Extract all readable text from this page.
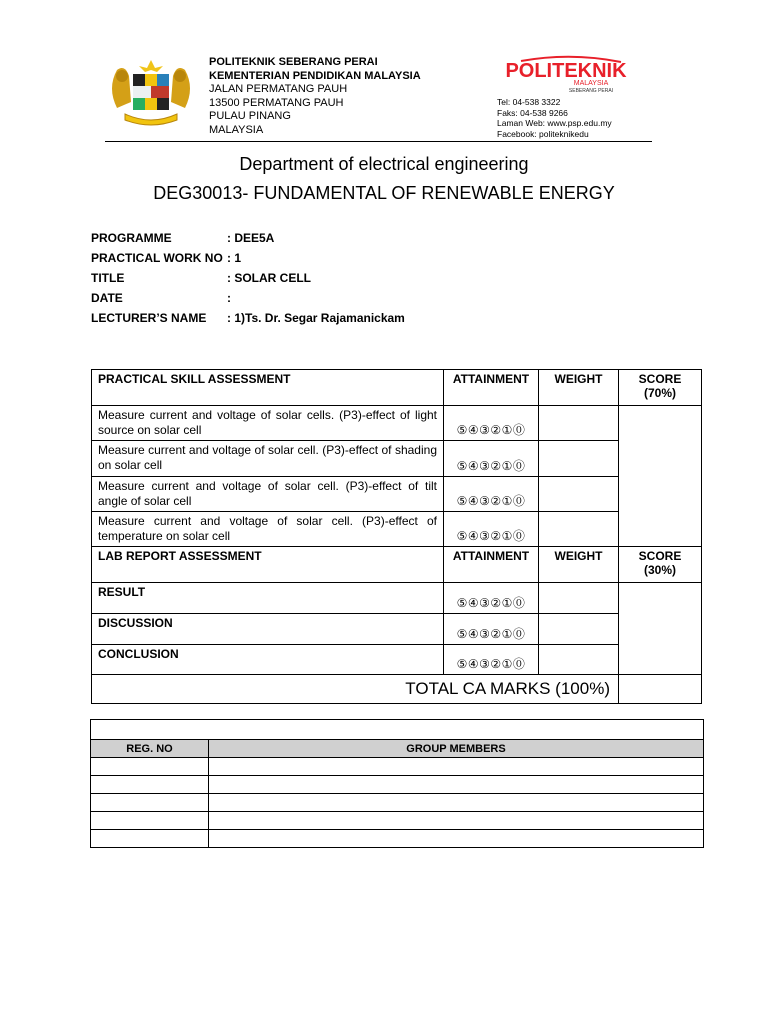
POLITEKNIK SEBERANG PERAI
KEMENTERIAN PENDIDIKAN MALAYSIA
JALAN PERMATANG PAUH
13500 PERMATANG PAUH
PULAU PINANG
MALAYSIA
POLITEKNIK
MALAYSIA
SEBERANG PERAI
Tel: 04-538 3322
Faks: 04-538 9266
Laman Web: www.psp.edu.my
Facebook: politeknikedu
Department of electrical engineering
DEG30013- FUNDAMENTAL OF RENEWABLE ENERGY
PROGRAMME	: DEE5A
PRACTICAL WORK NO : 1
TITLE	: SOLAR CELL
DATE	:
LECTURER’S NAME : 1)Ts. Dr. Segar Rajamanickam
PRACTICAL SKILL ASSESSMENT	ATTAINMENT	WEIGHT	SCORE
(70%)
Measure current and voltage of solar cells. (P3)-effect of light source on solar cell	⑤④③②①⓪		
Measure current and voltage of solar cell. (P3)-effect of shading on solar cell	⑤④③②①⓪		
Measure current and voltage of solar cell. (P3)-effect of tilt angle of solar cell	⑤④③②①⓪		
Measure current and voltage of solar cell. (P3)-effect of temperature on solar cell	⑤④③②①⓪		
LAB REPORT ASSESSMENT	ATTAINMENT	WEIGHT	SCORE
(30%)
RESULT	⑤④③②①⓪		
DISCUSSION	⑤④③②①⓪		
CONCLUSION	⑤④③②①⓪		
TOTAL CA MARKS (100%)			

REG. NO	GROUP MEMBERS
